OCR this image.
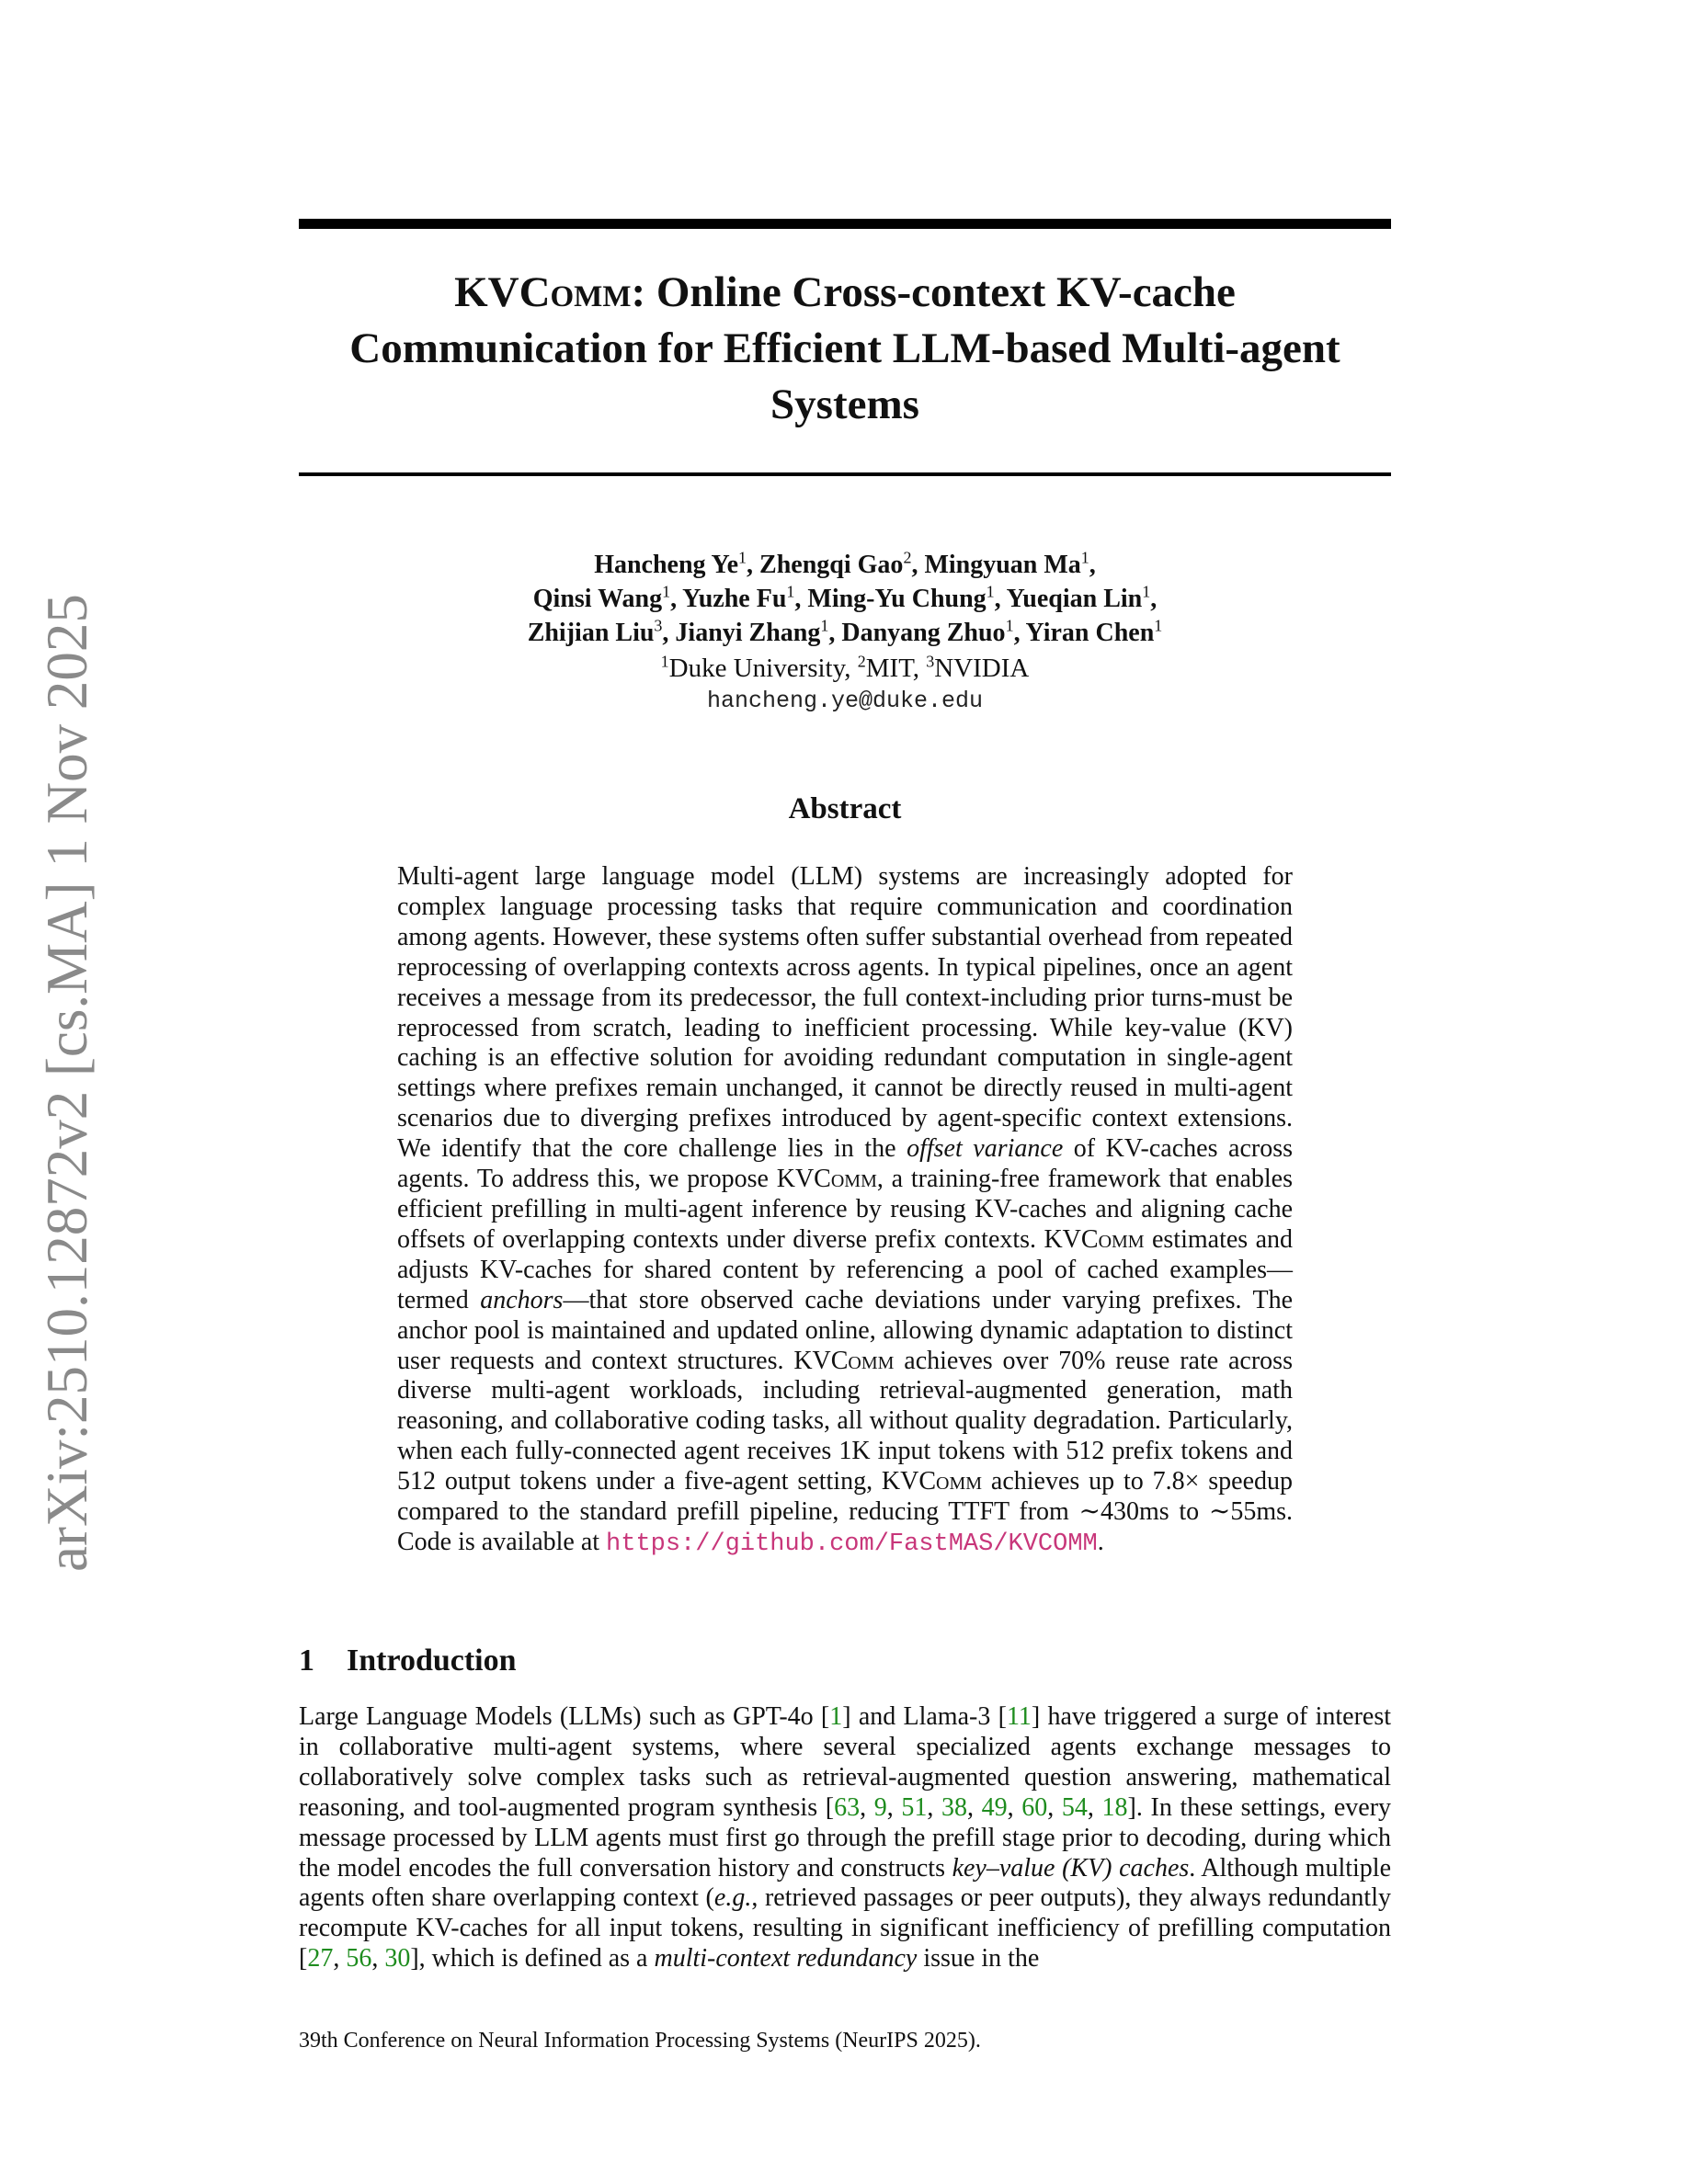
arXiv:2510.12872v2 [cs.MA] 1 Nov 2025
KVComm: Online Cross-context KV-cache
Communication for Efficient LLM-based Multi-agent
Systems
Hancheng Ye$^1$, Zhengqi Gao$^2$, Mingyuan Ma$^1$,
Qinsi Wang$^1$, Yuzhe Fu$^1$, Ming-Yu Chung$^1$, Yueqian Lin$^1$,
Zhijian Liu$^3$, Jianyi Zhang$^1$, Danyang Zhuo$^1$, Yiran Chen$^1$
$^1$Duke University, $^2$MIT, $^3$NVIDIA
hancheng.ye@duke.edu
Abstract

Multi-agent large language model (LLM) systems are increasingly adopted for complex language processing tasks that require communication and coordination among agents. However, these systems often suffer substantial overhead from repeated reprocessing of overlapping contexts across agents. In typical pipelines, once an agent receives a message from its predecessor, the full context-including prior turns-must be reprocessed from scratch, leading to inefficient processing. While key-value (KV) caching is an effective solution for avoiding redundant computation in single-agent settings where prefixes remain unchanged, it cannot be directly reused in multi-agent scenarios due to diverging prefixes introduced by agent-specific context extensions. We identify that the core challenge lies in the offset variance of KV-caches across agents. To address this, we propose KVComm, a training-free framework that enables efficient prefilling in multi-agent inference by reusing KV-caches and aligning cache offsets of overlapping contexts under diverse prefix contexts. KVComm estimates and adjusts KV-caches for shared content by referencing a pool of cached examples—termed anchors—that store observed cache deviations under varying prefixes. The anchor pool is maintained and updated online, allowing dynamic adaptation to distinct user requests and context structures. KVComm achieves over 70% reuse rate across diverse multi-agent workloads, including retrieval-augmented generation, math reasoning, and collaborative coding tasks, all without quality degradation. Particularly, when each fully-connected agent receives 1K input tokens with 512 prefix tokens and 512 output tokens under a five-agent setting, KVComm achieves up to 7.8× speedup compared to the standard prefill pipeline, reducing TTFT from ∼430ms to ∼55ms. Code is available at https://github.com/FastMAS/KVCOMM.

1 Introduction

Large Language Models (LLMs) such as GPT-4o [1] and Llama-3 [11] have triggered a surge of interest in collaborative multi-agent systems, where several specialized agents exchange messages to collaboratively solve complex tasks such as retrieval-augmented question answering, mathematical reasoning, and tool-augmented program synthesis [63, 9, 51, 38, 49, 60, 54, 18]. In these settings, every message processed by LLM agents must first go through the prefill stage prior to decoding, during which the model encodes the full conversation history and constructs key–value (KV) caches. Although multiple agents often share overlapping context (e.g., retrieved passages or peer outputs), they always redundantly recompute KV-caches for all input tokens, resulting in significant inefficiency of prefilling computation [27, 56, 30], which is defined as a multi-context redundancy issue in the

39th Conference on Neural Information Processing Systems (NeurIPS 2025).
